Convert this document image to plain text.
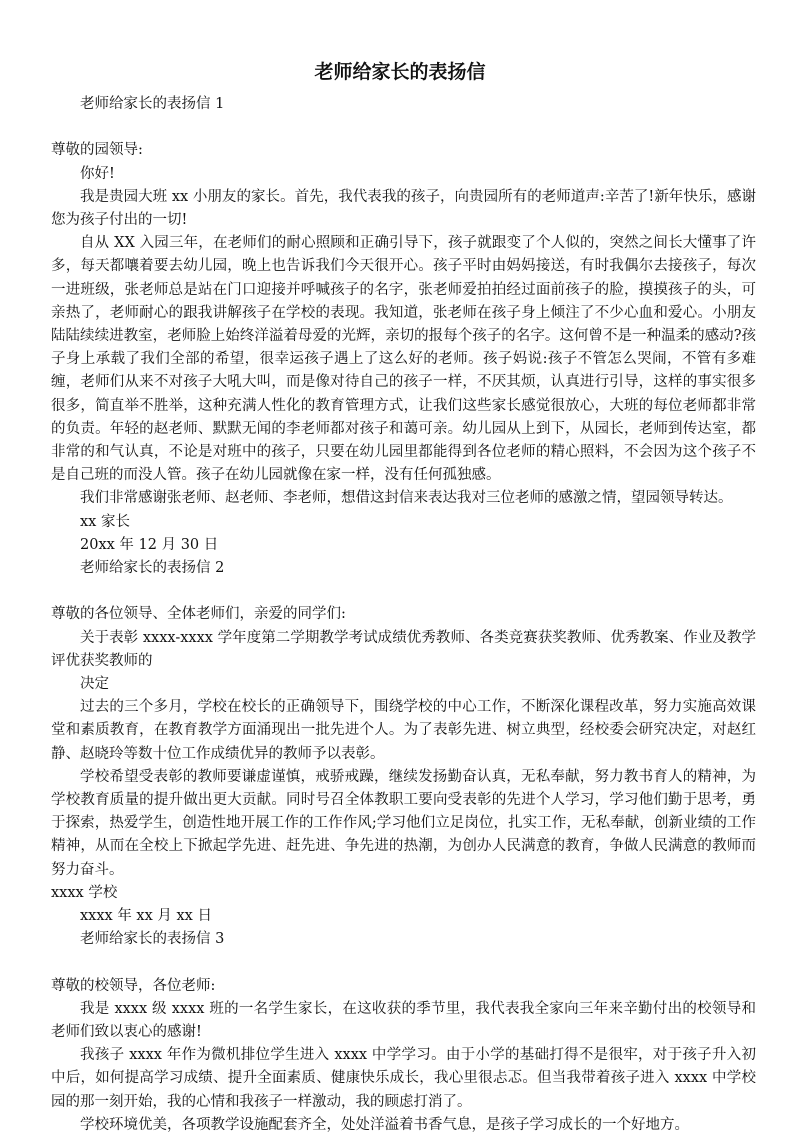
老师给家长的表扬信

老师给家长的表扬信 1

尊敬的园领导:

你好!

我是贵园大班 xx 小朋友的家长。首先，我代表我的孩子，向贵园所有的老师道声:辛苦了!新年快乐，感谢您为孩子付出的一切!

自从 XX 入园三年，在老师们的耐心照顾和正确引导下，孩子就跟变了个人似的，突然之间长大懂事了许多，每天都嚷着要去幼儿园，晚上也告诉我们今天很开心。孩子平时由妈妈接送，有时我偶尔去接孩子，每次一进班级，张老师总是站在门口迎接并呼喊孩子的名字，张老师爱拍拍经过面前孩子的脸，摸摸孩子的头，可亲热了，老师耐心的跟我讲解孩子在学校的表现。我知道，张老师在孩子身上倾注了不少心血和爱心。小朋友陆陆续续进教室，老师脸上始终洋溢着母爱的光辉，亲切的报每个孩子的名字。这何曾不是一种温柔的感动?孩子身上承载了我们全部的希望，很幸运孩子遇上了这么好的老师。孩子妈说:孩子不管怎么哭闹，不管有多难缠，老师们从来不对孩子大吼大叫，而是像对待自己的孩子一样，不厌其烦，认真进行引导，这样的事实很多很多，简直举不胜举，这种充满人性化的教育管理方式，让我们这些家长感觉很放心，大班的每位老师都非常的负责。年轻的赵老师、默默无闻的李老师都对孩子和蔼可亲。幼儿园从上到下，从园长，老师到传达室，都非常的和气认真，不论是对班中的孩子，只要在幼儿园里都能得到各位老师的精心照料，不会因为这个孩子不是自己班的而没人管。孩子在幼儿园就像在家一样，没有任何孤独感。

我们非常感谢张老师、赵老师、李老师，想借这封信来表达我对三位老师的感激之情，望园领导转达。

xx 家长

20xx 年 12 月 30 日

老师给家长的表扬信 2

尊敬的各位领导、全体老师们，亲爱的同学们:

关于表彰 xxxx-xxxx 学年度第二学期教学考试成绩优秀教师、各类竞赛获奖教师、优秀教案、作业及教学评优获奖教师的

决定

过去的三个多月，学校在校长的正确领导下，围绕学校的中心工作，不断深化课程改革，努力实施高效课堂和素质教育，在教育教学方面涌现出一批先进个人。为了表彰先进、树立典型，经校委会研究决定，对赵红静、赵晓玲等数十位工作成绩优异的教师予以表彰。

学校希望受表彰的教师要谦虚谨慎，戒骄戒躁，继续发扬勤奋认真，无私奉献，努力教书育人的精神，为学校教育质量的提升做出更大贡献。同时号召全体教职工要向受表彰的先进个人学习，学习他们勤于思考，勇于探索，热爱学生，创造性地开展工作的工作作风;学习他们立足岗位，扎实工作，无私奉献，创新业绩的工作精神，从而在全校上下掀起学先进、赶先进、争先进的热潮，为创办人民满意的教育，争做人民满意的教师而努力奋斗。

xxxx 学校

xxxx 年 xx 月 xx 日

老师给家长的表扬信 3

尊敬的校领导，各位老师:

我是 xxxx 级 xxxx 班的一名学生家长，在这收获的季节里，我代表我全家向三年来辛勤付出的校领导和老师们致以衷心的感谢!

我孩子 xxxx 年作为微机排位学生进入 xxxx 中学学习。由于小学的基础打得不是很牢，对于孩子升入初中后，如何提高学习成绩、提升全面素质、健康快乐成长，我心里很忐忑。但当我带着孩子进入 xxxx 中学校园的那一刻开始，我的心情和我孩子一样激动，我的顾虑打消了。

学校环境优美，各项教学设施配套齐全，处处洋溢着书香气息，是孩子学习成长的一个好地方。
